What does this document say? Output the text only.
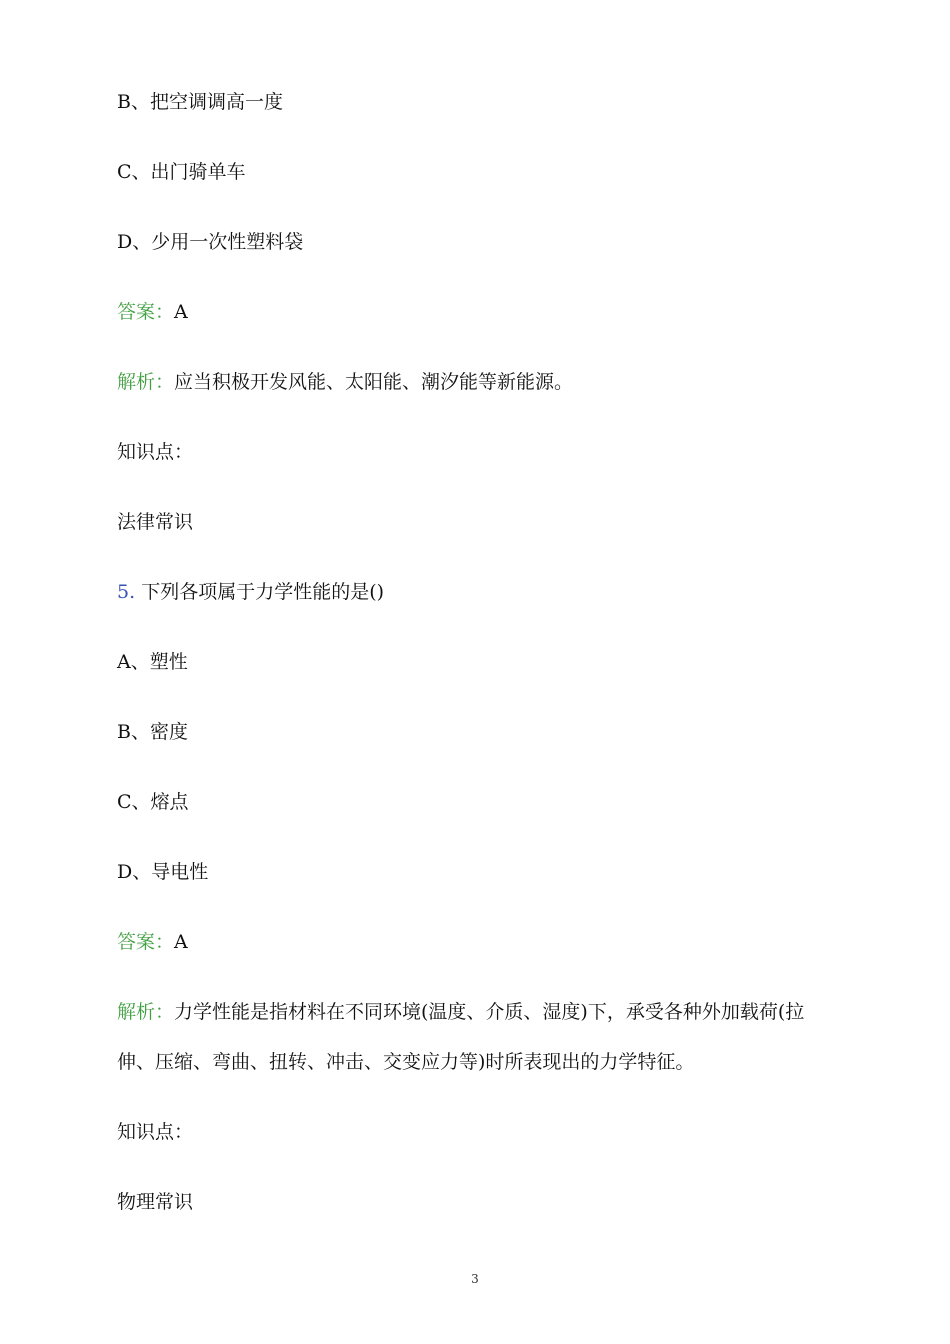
B、把空调调高一度
C、出门骑单车
D、少用一次性塑料袋
答案：A
解析：应当积极开发风能、太阳能、潮汐能等新能源。
知识点：
法律常识
5. 下列各项属于力学性能的是()
A、塑性
B、密度
C、熔点
D、导电性
答案：A
解析：力学性能是指材料在不同环境(温度、介质、湿度)下，承受各种外加载荷(拉
伸、压缩、弯曲、扭转、冲击、交变应力等)时所表现出的力学特征。
知识点：
物理常识
3
